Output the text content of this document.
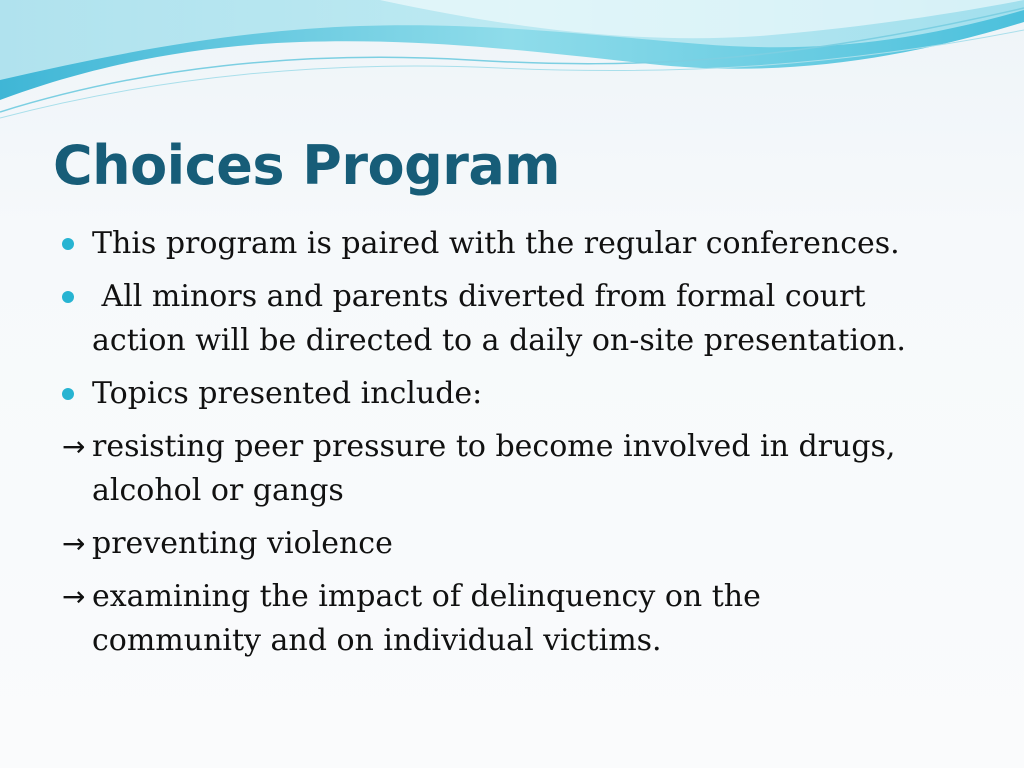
Choices Program
This program is paired with the regular conferences.
All minors and parents diverted from formal court
action will be directed to a daily on-site presentation.
Topics presented include:
→ resisting peer pressure to become involved in drugs,
alcohol or gangs
→ preventing violence
→ examining the impact of delinquency on the
community and on individual victims.
